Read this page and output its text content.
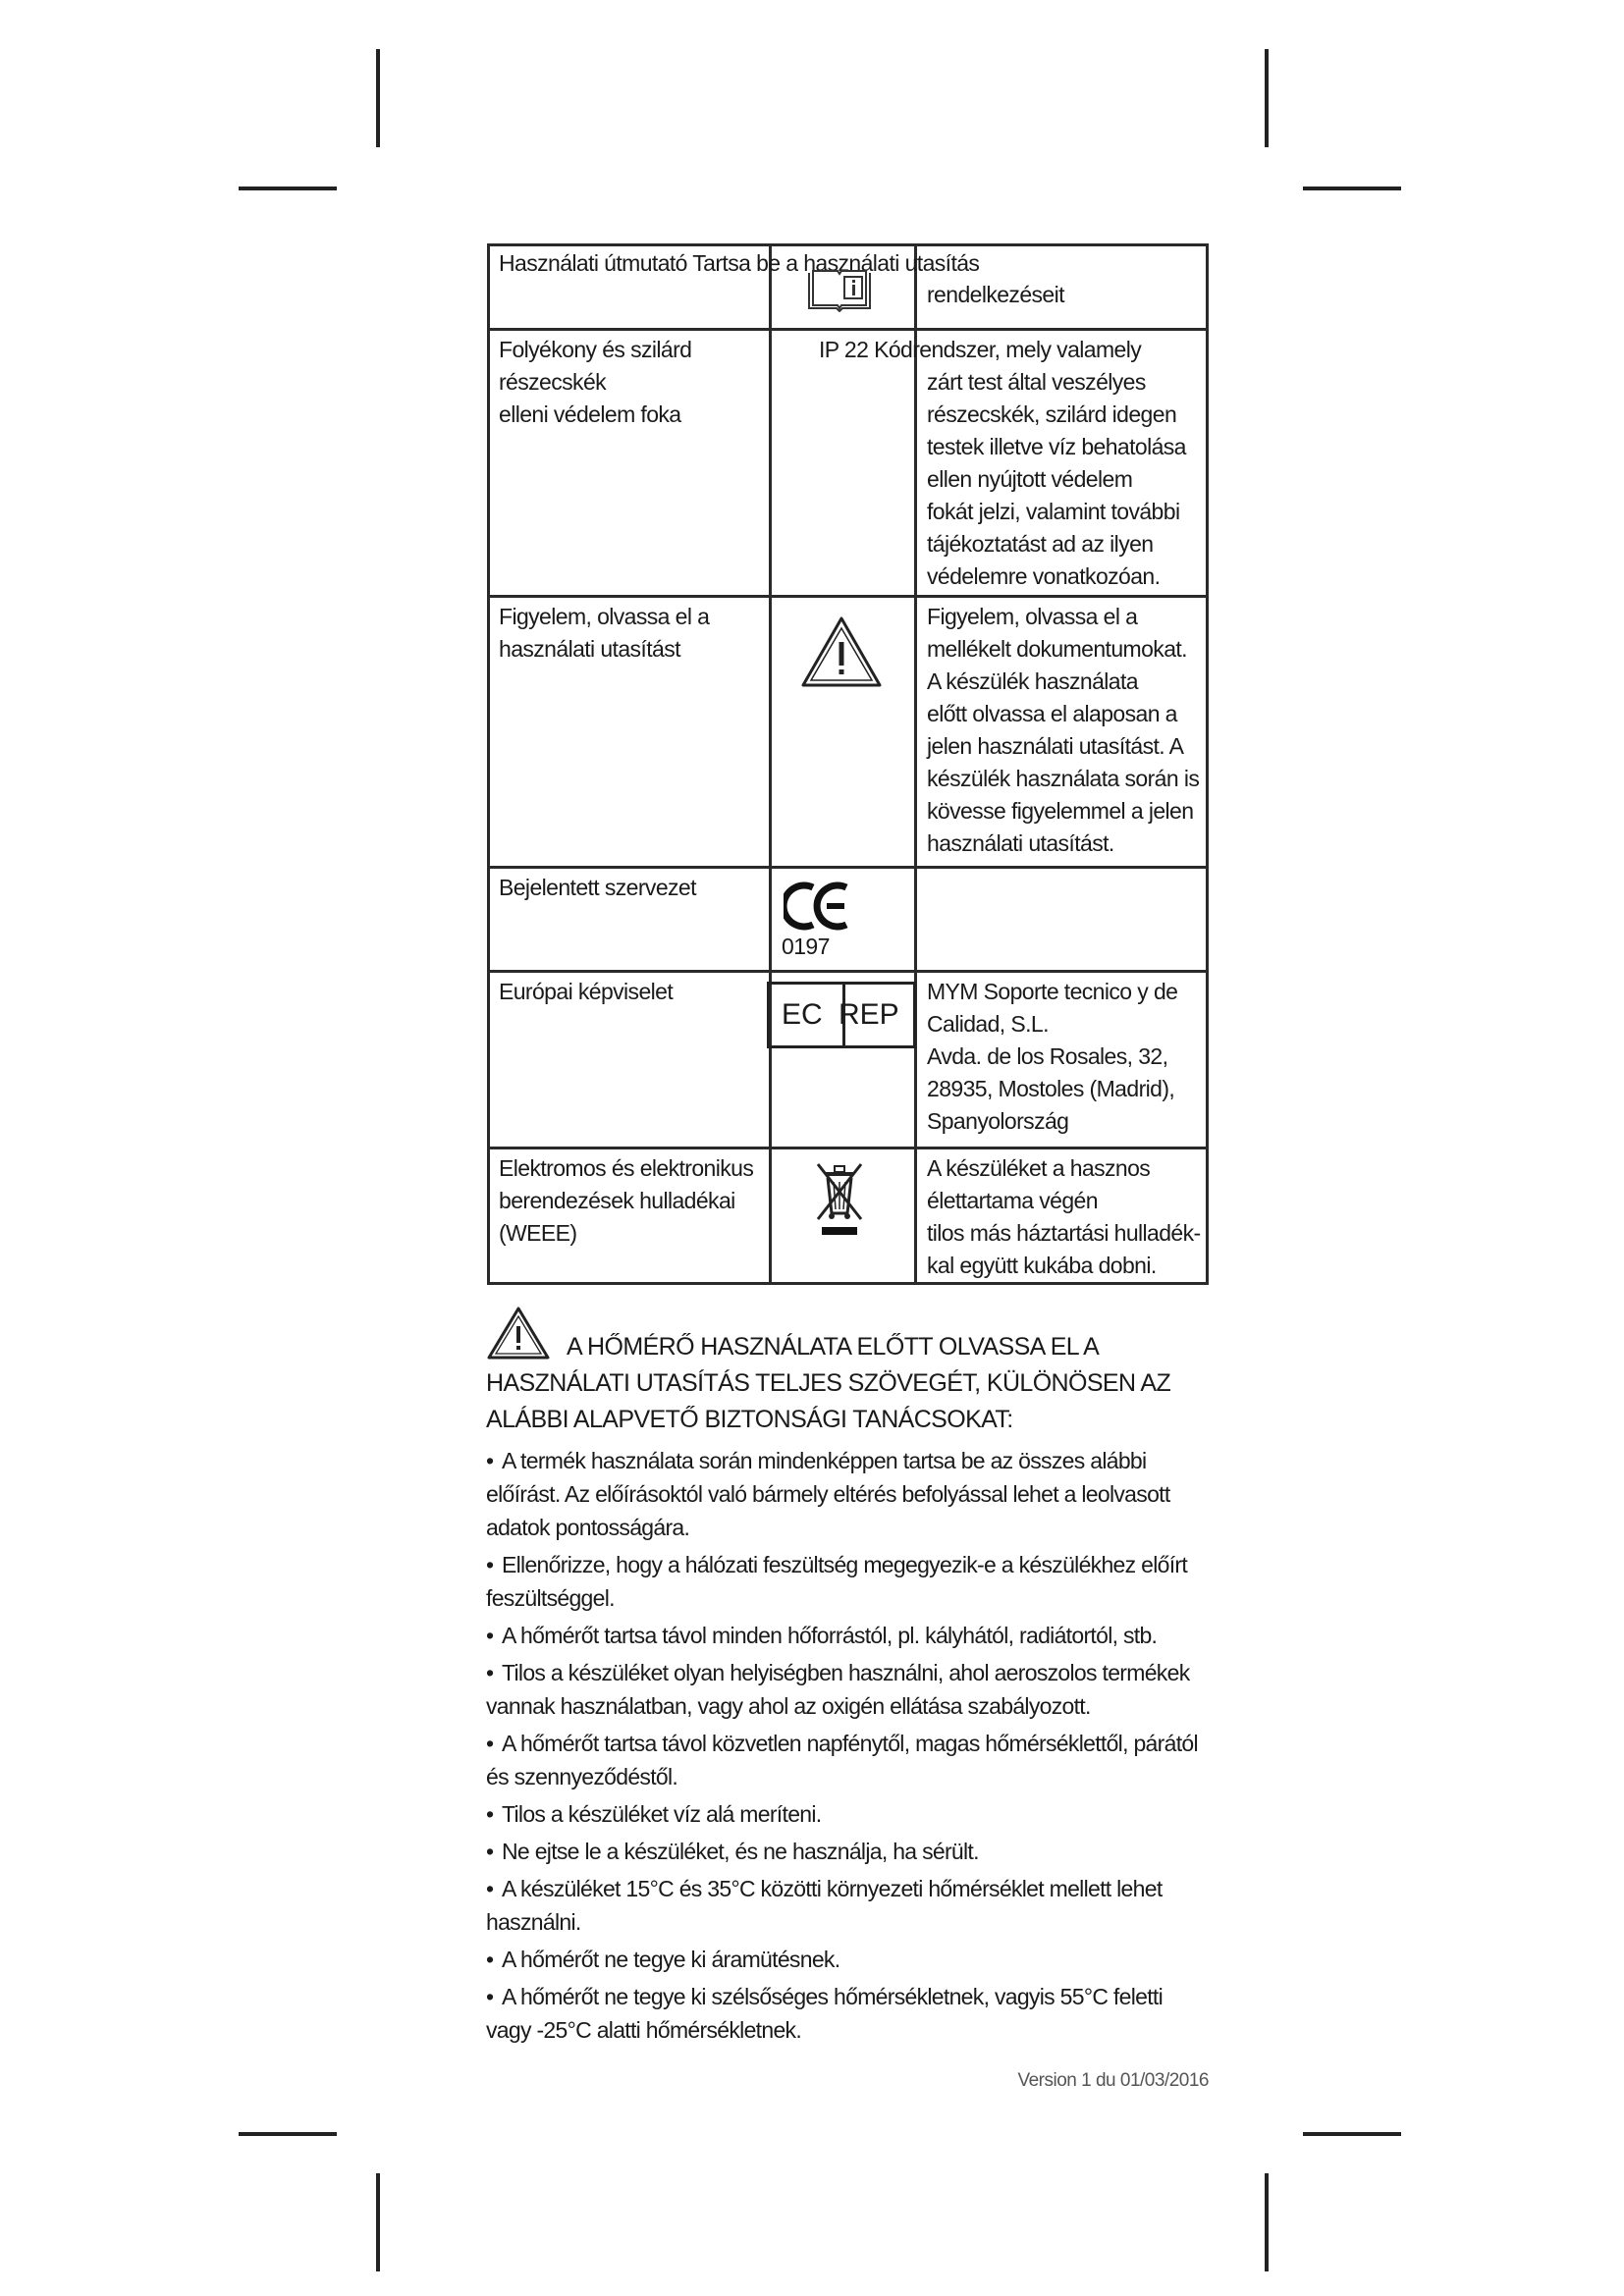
Használati útmutató Tartsa be a használati utasítás
rendelkezéseit
Folyékony és szilárd
részecskék
elleni védelem foka
IP 22 Kódrendszer, mely valamely
zárt test által veszélyes
részecskék, szilárd idegen
testek illetve víz behatolása
ellen nyújtott védelem
fokát jelzi, valamint további
tájékoztatást ad az ilyen
védelemre vonatkozóan.
Figyelem, olvassa el a
használati utasítást
Figyelem, olvassa el a
mellékelt dokumentumokat.
A készülék használata
előtt olvassa el alaposan a
jelen használati utasítást. A
készülék használata során is
kövesse figyelemmel a jelen
használati utasítást.
Bejelentett szervezet
0197
Európai képviselet
EC REP
MYM Soporte tecnico y de
Calidad, S.L.
Avda. de los Rosales, 32,
28935, Mostoles (Madrid),
Spanyolország
Elektromos és elektronikus
berendezések hulladékai
(WEEE)
A készüléket a hasznos
élettartama végén
tilos más háztartási hulladék-
kal együtt kukába dobni.
A HŐMÉRŐ HASZNÁLATA ELŐTT OLVASSA EL A HASZNÁLATI UTASÍTÁS TELJES SZÖVEGÉT, KÜLÖNÖSEN AZ ALÁBBI ALAPVETŐ BIZTONSÁGI TANÁCSOKAT:
• A termék használata során mindenképpen tartsa be az összes alábbi előírást. Az előírásoktól való bármely eltérés befolyással lehet a leolvasott adatok pontosságára.
• Ellenőrizze, hogy a hálózati feszültség megegyezik-e a készülékhez előírt feszültséggel.
• A hőmérőt tartsa távol minden hőforrástól, pl. kályhától, radiátortól, stb.
• Tilos a készüléket olyan helyiségben használni, ahol aeroszolos termékek vannak használatban, vagy ahol az oxigén ellátása szabályozott.
• A hőmérőt tartsa távol közvetlen napfénytől, magas hőmérséklettől, párától és szennyeződéstől.
• Tilos a készüléket víz alá meríteni.
• Ne ejtse le a készüléket, és ne használja, ha sérült.
• A készüléket 15°C és 35°C közötti környezeti hőmérséklet mellett lehet használni.
• A hőmérőt ne tegye ki áramütésnek.
• A hőmérőt ne tegye ki szélsőséges hőmérsékletnek, vagyis 55°C feletti vagy -25°C alatti hőmérsékletnek.
Version 1 du 01/03/2016
